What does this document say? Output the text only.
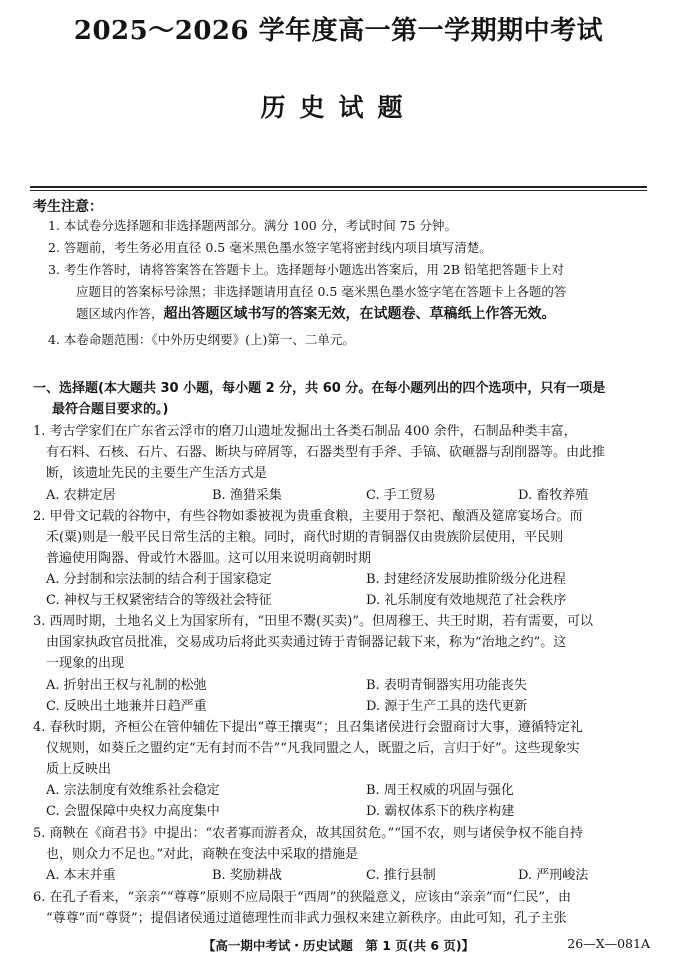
2025～2026 学年度高一第一学期期中考试
历史试题
考生注意：
1. 本试卷分选择题和非选择题两部分。满分 100 分，考试时间 75 分钟。
2. 答题前，考生务必用直径 0.5 毫米黑色墨水签字笔将密封线内项目填写清楚。
3. 考生作答时，请将答案答在答题卡上。选择题每小题选出答案后，用 2B 铅笔把答题卡上对
应题目的答案标号涂黑；非选择题请用直径 0.5 毫米黑色墨水签字笔在答题卡上各题的答
题区域内作答，超出答题区域书写的答案无效，在试题卷、草稿纸上作答无效。
4. 本卷命题范围：《中外历史纲要》(上)第一、二单元。
一、选择题(本大题共 30 小题，每小题 2 分，共 60 分。在每小题列出的四个选项中，只有一项是
最符合题目要求的。)
1. 考古学家们在广东省云浮市的磨刀山遗址发掘出土各类石制品 400 余件，石制品种类丰富，
有石料、石核、石片、石器、断块与碎屑等，石器类型有手斧、手镐、砍砸器与刮削器等。由此推
断，该遗址先民的主要生产生活方式是
A. 农耕定居	B. 渔猎采集	C. 手工贸易	D. 畜牧养殖
2. 甲骨文记载的谷物中，有些谷物如黍被视为贵重食粮，主要用于祭祀、酿酒及筵席宴场合。而
禾(粟)则是一般平民日常生活的主粮。同时，商代时期的青铜器仅由贵族阶层使用，平民则
普遍使用陶器、骨或竹木器皿。这可以用来说明商朝时期
A. 分封制和宗法制的结合利于国家稳定	B. 封建经济发展助推阶级分化进程
C. 神权与王权紧密结合的等级社会特征	D. 礼乐制度有效地规范了社会秩序
3. 西周时期，土地名义上为国家所有，“田里不鬻(买卖)”。但周穆王、共王时期，若有需要，可以
由国家执政官员批准，交易成功后将此买卖通过铸于青铜器记载下来，称为“治地之约”。这
一现象的出现
A. 折射出王权与礼制的松弛	B. 表明青铜器实用功能丧失
C. 反映出土地兼并日趋严重	D. 源于生产工具的迭代更新
4. 春秋时期，齐桓公在管仲辅佐下提出“尊王攘夷”；且召集诸侯进行会盟商讨大事，遵循特定礼
仪规则，如葵丘之盟约定“无有封而不告”“凡我同盟之人，既盟之后，言归于好”。这些现象实
质上反映出
A. 宗法制度有效维系社会稳定	B. 周王权威的巩固与强化
C. 会盟保障中央权力高度集中	D. 霸权体系下的秩序构建
5. 商鞅在《商君书》中提出：“农者寡而游者众，故其国贫危。”“国不农，则与诸侯争权不能自持
也，则众力不足也。”对此，商鞅在变法中采取的措施是
A. 本末并重	B. 奖励耕战	C. 推行县制	D. 严刑峻法
6. 在孔子看来，“亲亲”“尊尊”原则不应局限于“西周”的狭隘意义，应该由“亲亲”而“仁民”，由
“尊尊”而“尊贤”；提倡诸侯通过道德理性而非武力强权来建立新秩序。由此可知，孔子主张
【高一期中考试・历史试题　第 1 页(共 6 页)】	26—X—081A
